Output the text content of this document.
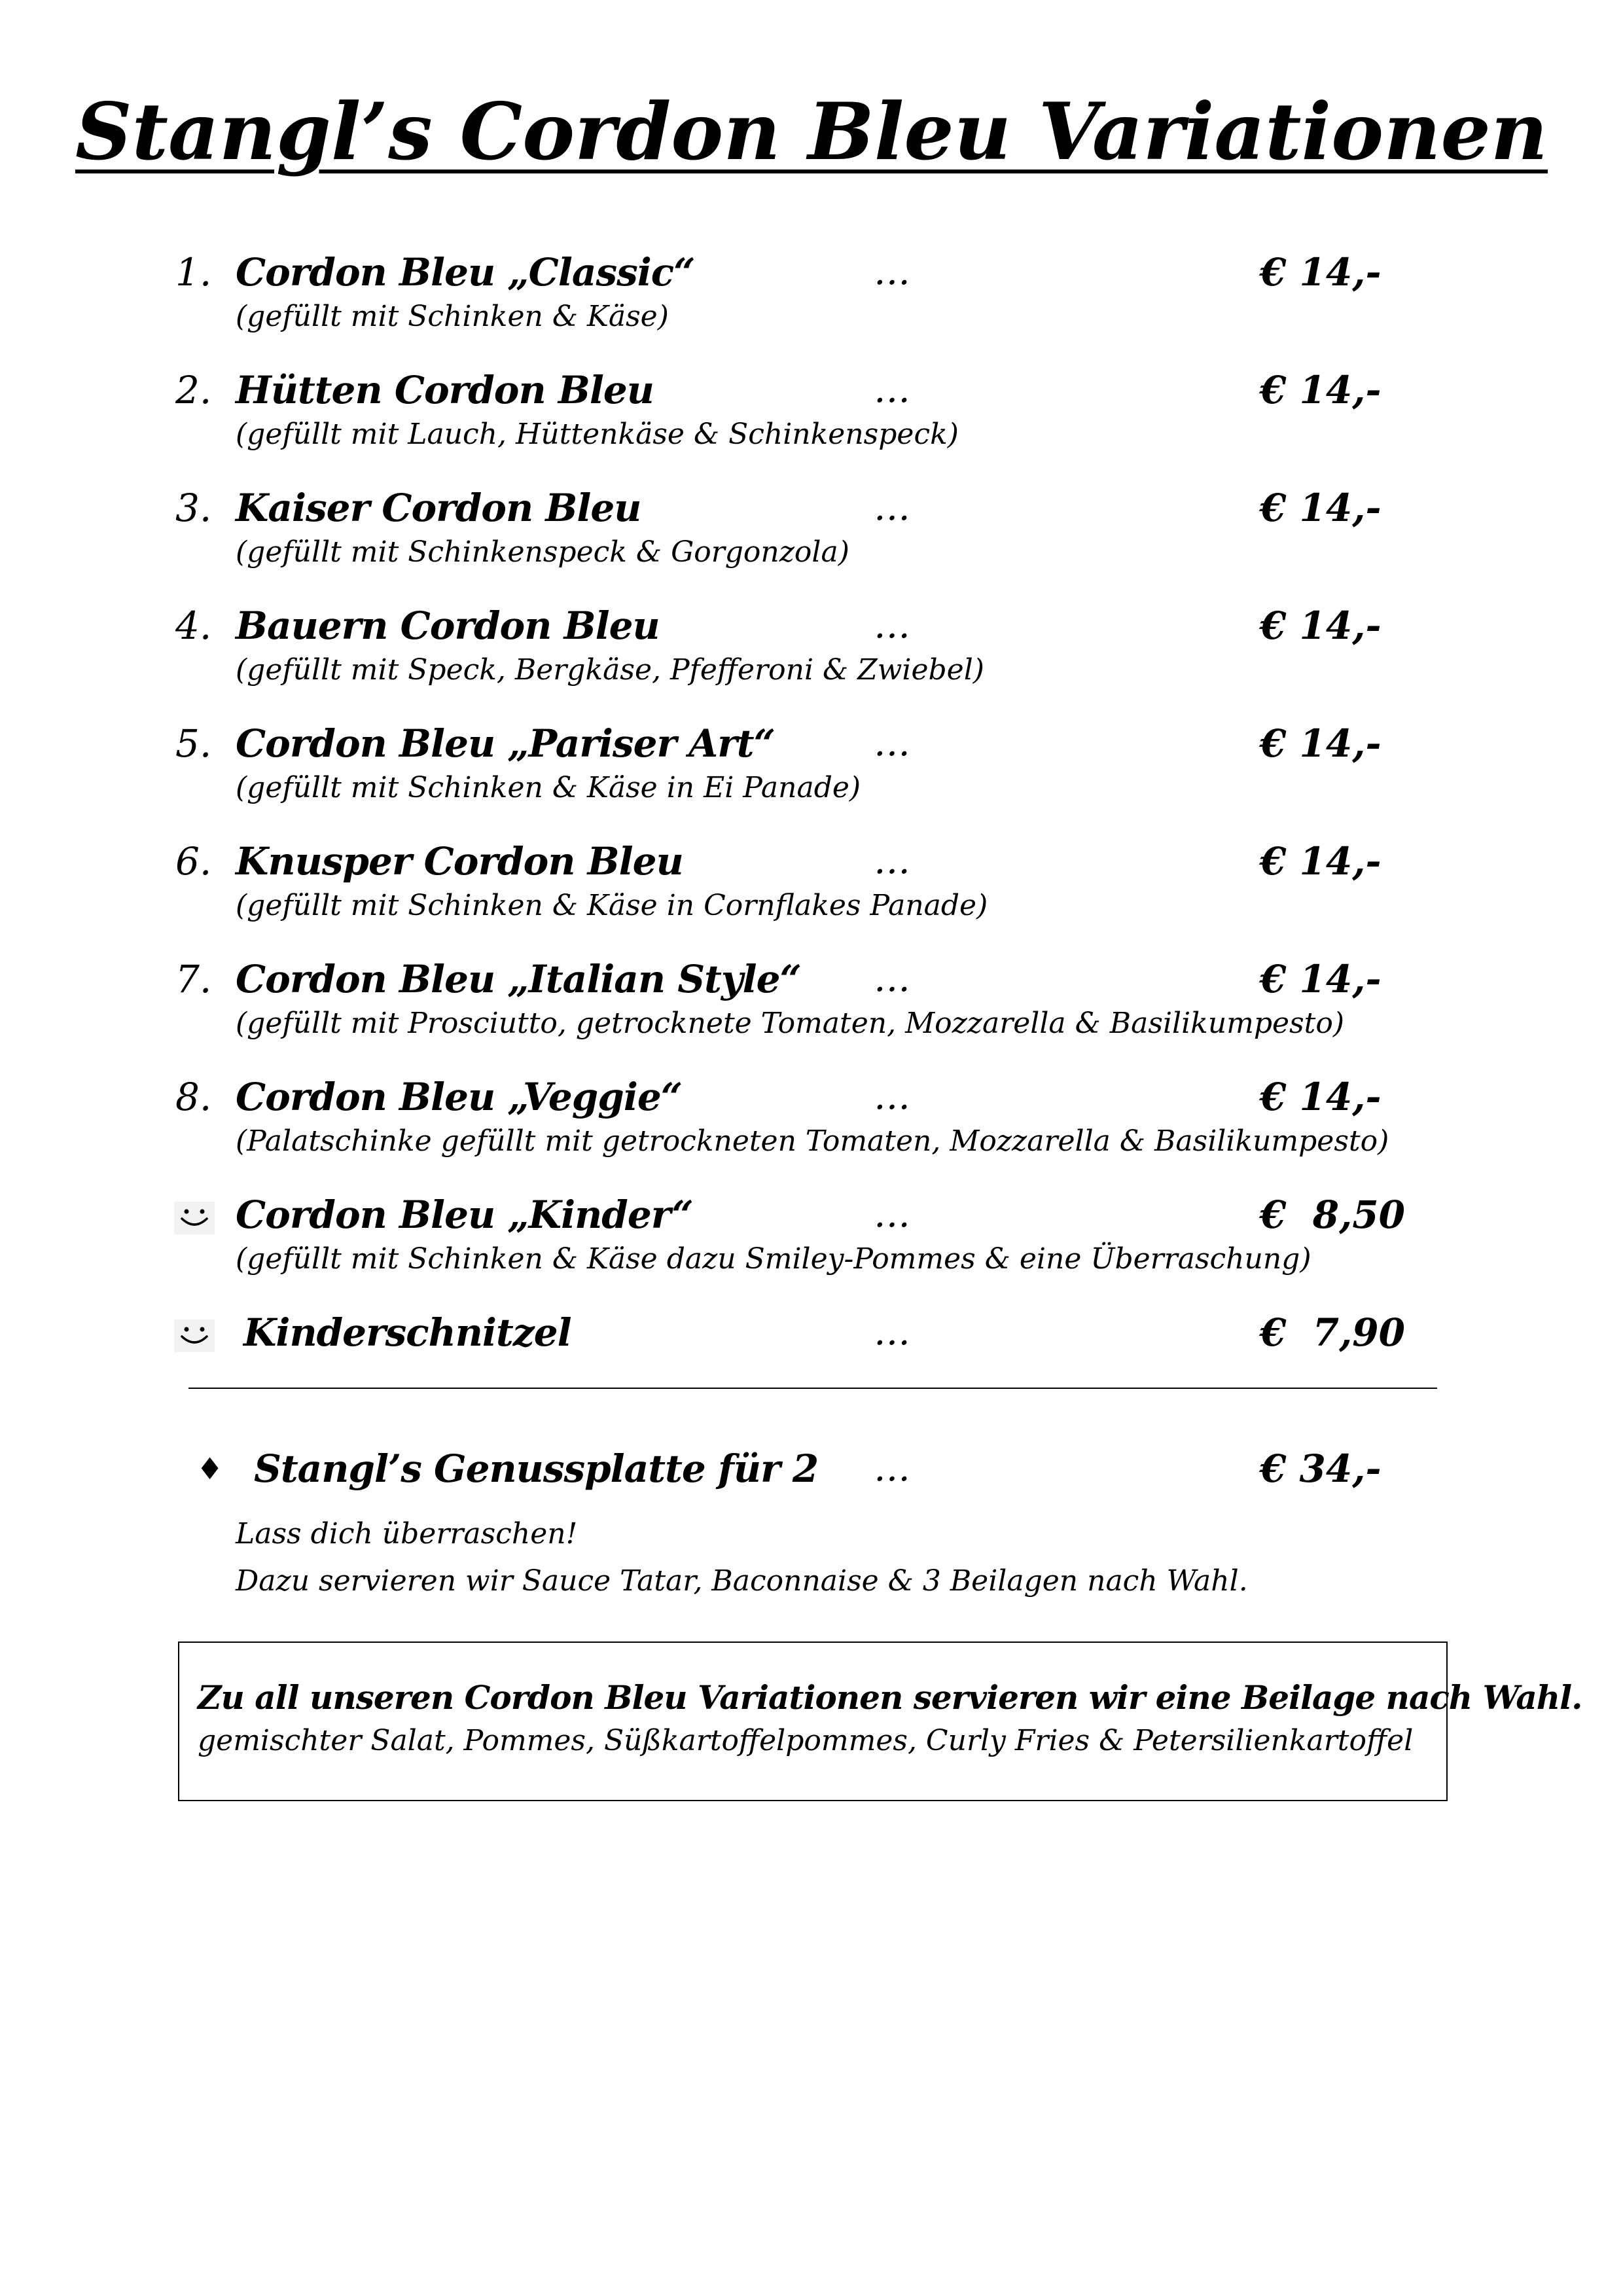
Stangl’s Cordon Bleu Variationen
1. Cordon Bleu „Classic“	…	€ 14,-
(gefüllt mit Schinken & Käse)
2. Hütten Cordon Bleu	…	€ 14,-
(gefüllt mit Lauch, Hüttenkäse & Schinkenspeck)
3. Kaiser Cordon Bleu	…	€ 14,-
(gefüllt mit Schinkenspeck & Gorgonzola)
4. Bauern Cordon Bleu	…	€ 14,-
(gefüllt mit Speck, Bergkäse, Pfefferoni & Zwiebel)
5. Cordon Bleu „Pariser Art“	…	€ 14,-
(gefüllt mit Schinken & Käse in Ei Panade)
6. Knusper Cordon Bleu	…	€ 14,-
(gefüllt mit Schinken & Käse in Cornflakes Panade)
7. Cordon Bleu „Italian Style“ …	€ 14,-
(gefüllt mit Prosciutto, getrocknete Tomaten, Mozzarella & Basilikumpesto)
8. Cordon Bleu „Veggie“	…	€ 14,-
(Palatschinke gefüllt mit getrockneten Tomaten, Mozzarella & Basilikumpesto)
Cordon Bleu „Kinder“	…	€  8,50
(gefüllt mit Schinken & Käse dazu Smiley-Pommes & eine Überraschung)
Kinderschnitzel	…	€  7,90
♦ Stangl’s Genussplatte für 2 …	€ 34,-
Lass dich überraschen!
Dazu servieren wir Sauce Tatar, Baconnaise & 3 Beilagen nach Wahl.
Zu all unseren Cordon Bleu Variationen servieren wir eine Beilage nach Wahl.
gemischter Salat, Pommes, Süßkartoffelpommes, Curly Fries & Petersilienkartoffel
